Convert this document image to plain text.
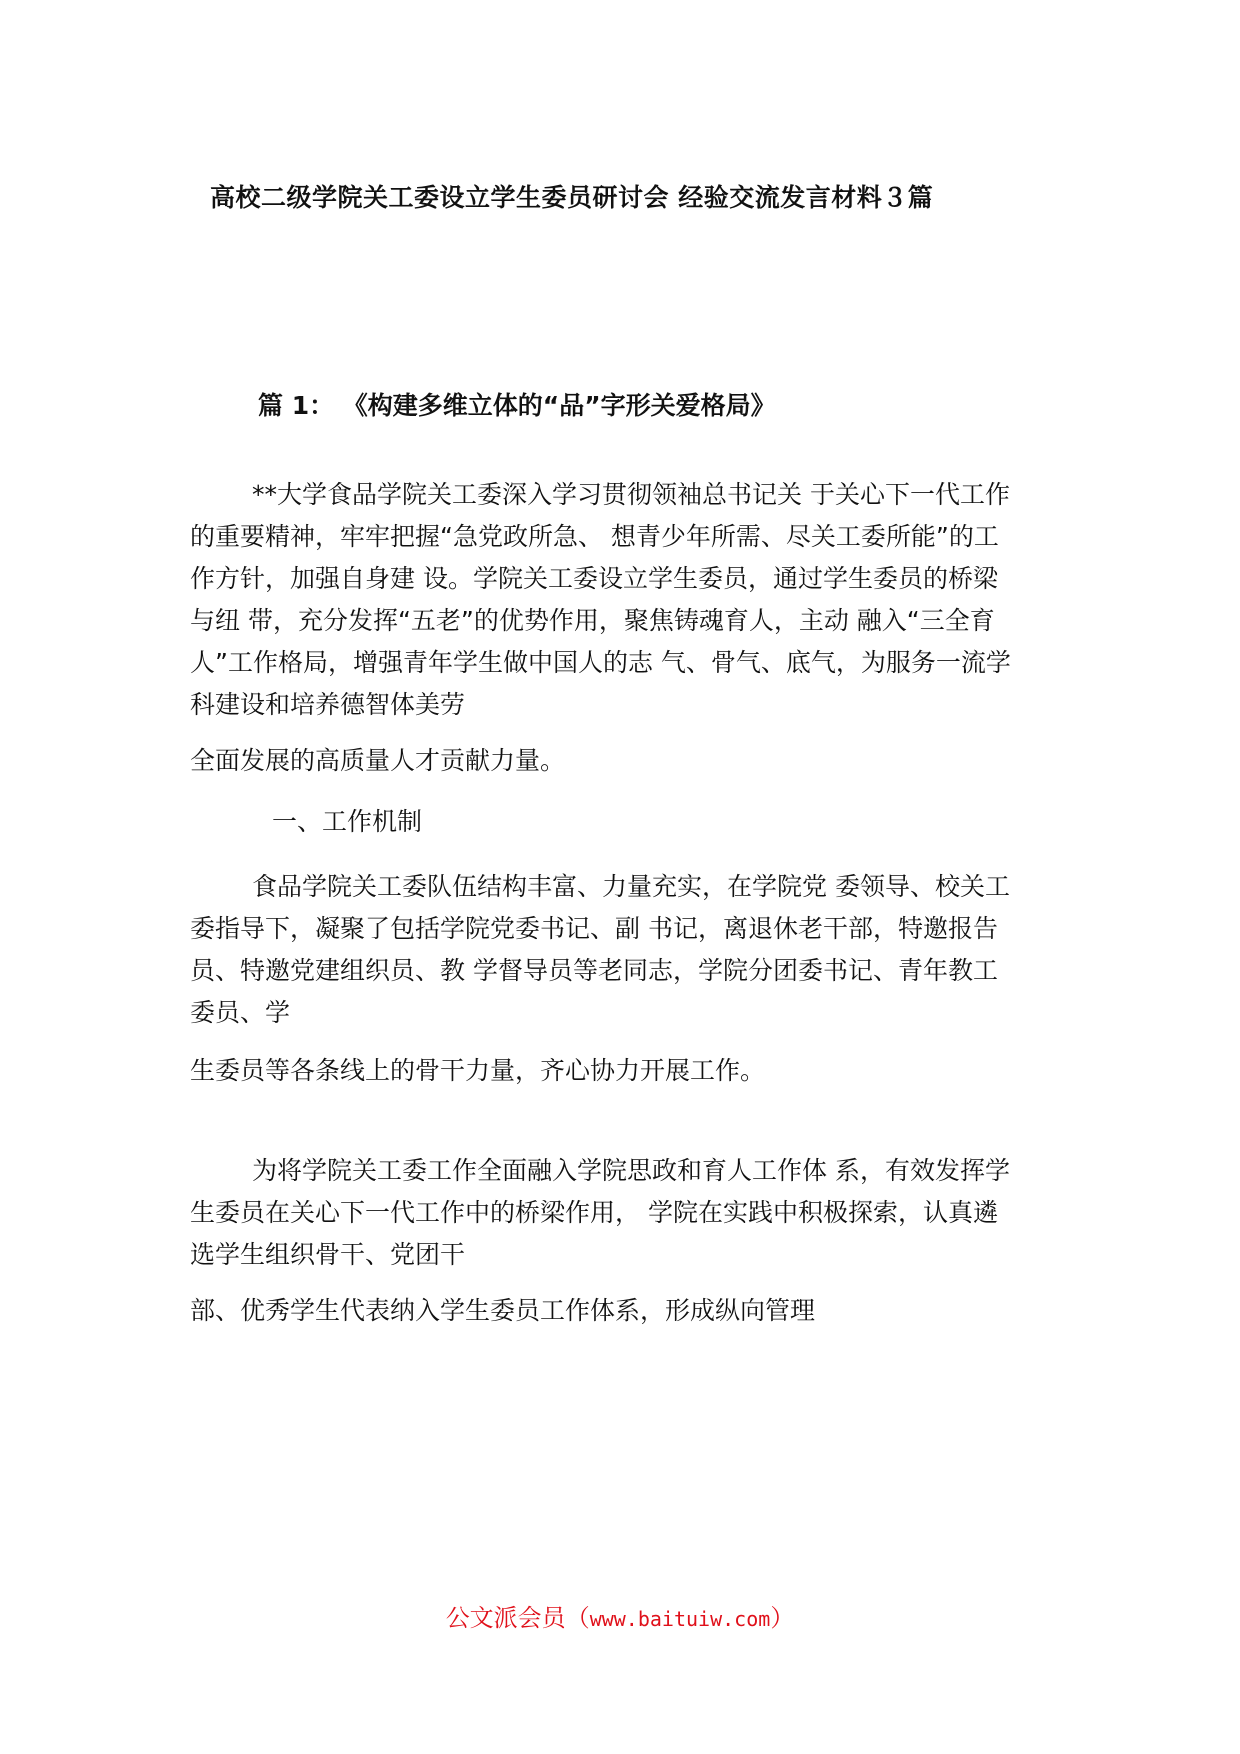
高校二级学院关工委设立学生委员研讨会 经验交流发言材料３篇
篇 1： 《构建多维立体的“品”字形关爱格局》
**大学食品学院关工委深入学习贯彻领袖总书记关 于关心下一代工作
的重要精神，牢牢把握“急党政所急、 想青少年所需、尽关工委所能”的工
作方针，加强自身建 设。学院关工委设立学生委员，通过学生委员的桥梁
与纽 带，充分发挥“五老”的优势作用，聚焦铸魂育人，主动 融入“三全育
人”工作格局，增强青年学生做中国人的志 气、骨气、底气，为服务一流学
科建设和培养德智体美劳
全面发展的高质量人才贡献力量。
一、工作机制
食品学院关工委队伍结构丰富、力量充实，在学院党 委领导、校关工
委指导下，凝聚了包括学院党委书记、副 书记，离退休老干部，特邀报告
员、特邀党建组织员、教 学督导员等老同志，学院分团委书记、青年教工
委员、学
生委员等各条线上的骨干力量，齐心协力开展工作。
为将学院关工委工作全面融入学院思政和育人工作体 系，有效发挥学
生委员在关心下一代工作中的桥梁作用， 学院在实践中积极探索，认真遴
选学生组织骨干、党团干
部、优秀学生代表纳入学生委员工作体系，形成纵向管理
公文派会员（www.baituiw.com）
